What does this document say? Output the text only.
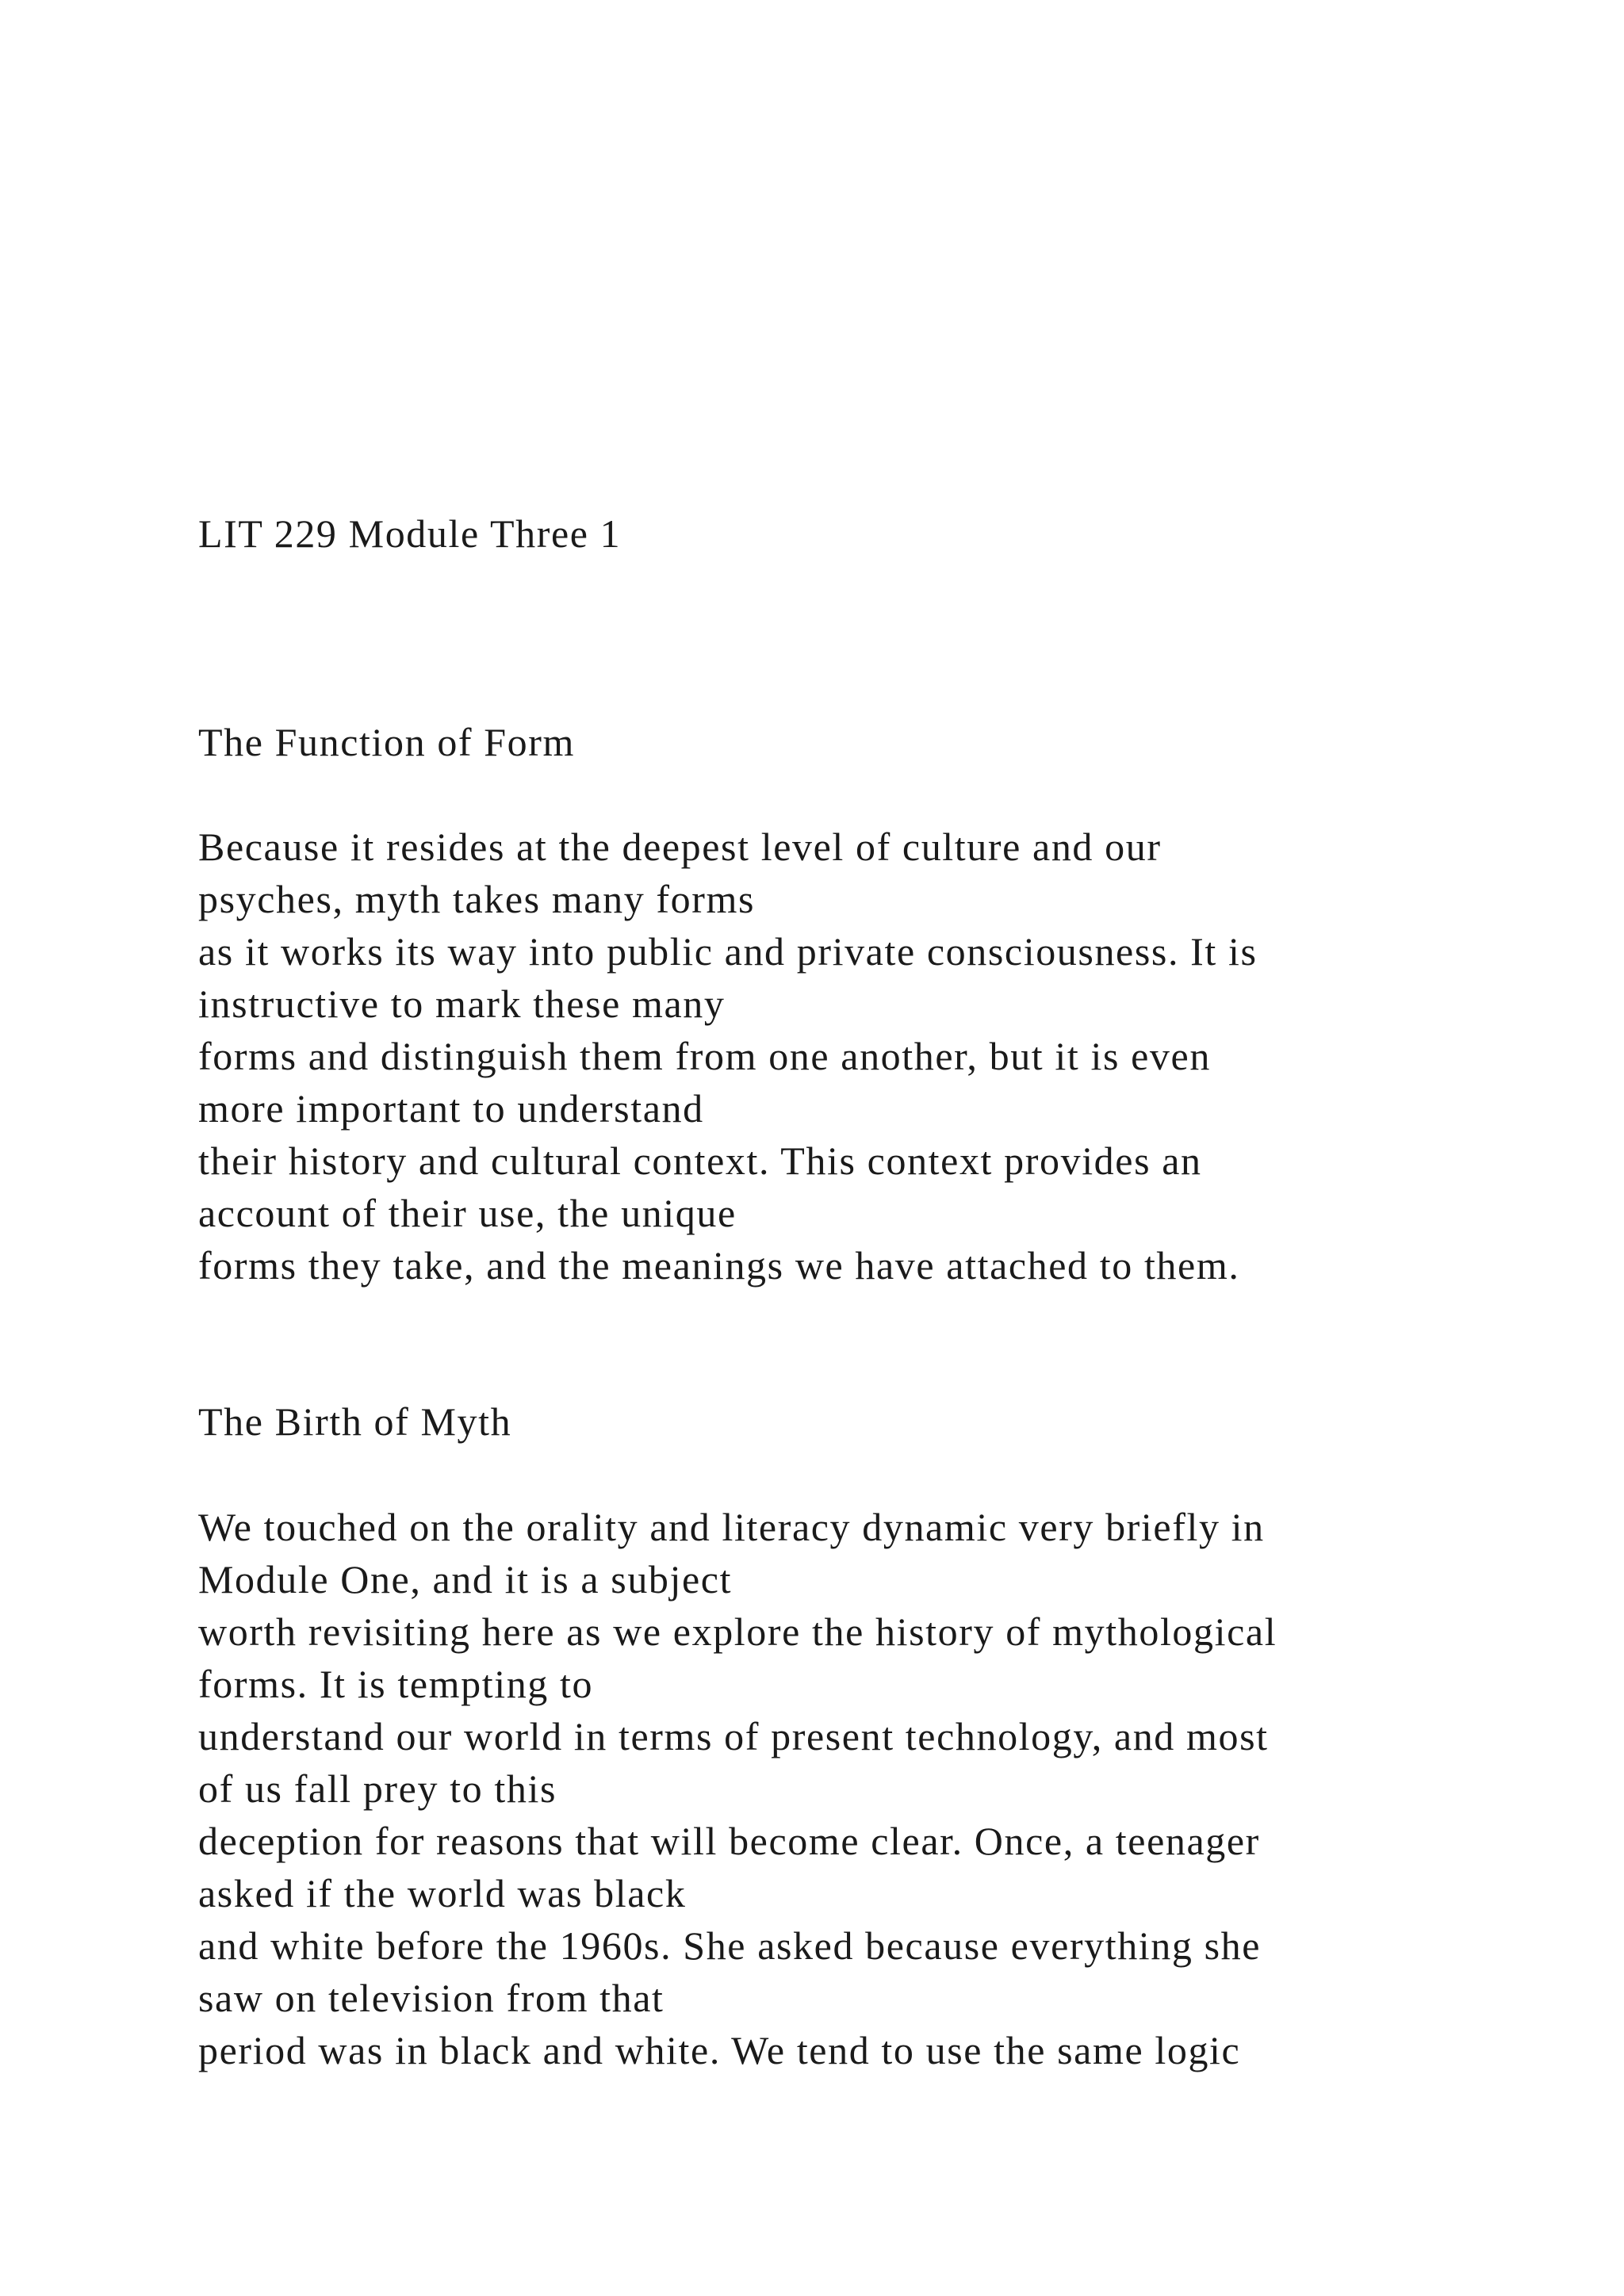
LIT 229 Module Three 1
The Function of Form
Because it resides at the deepest level of culture and our
psyches, myth takes many forms
as it works its way into public and private consciousness. It is
instructive to mark these many
forms and distinguish them from one another, but it is even
more important to understand
their history and cultural context. This context provides an
account of their use, the unique
forms they take, and the meanings we have attached to them.
The Birth of Myth
We touched on the orality and literacy dynamic very briefly in
Module One, and it is a subject
worth revisiting here as we explore the history of mythological
forms. It is tempting to
understand our world in terms of present technology, and most
of us fall prey to this
deception for reasons that will become clear. Once, a teenager
asked if the world was black
and white before the 1960s. She asked because everything she
saw on television from that
period was in black and white. We tend to use the same logic
